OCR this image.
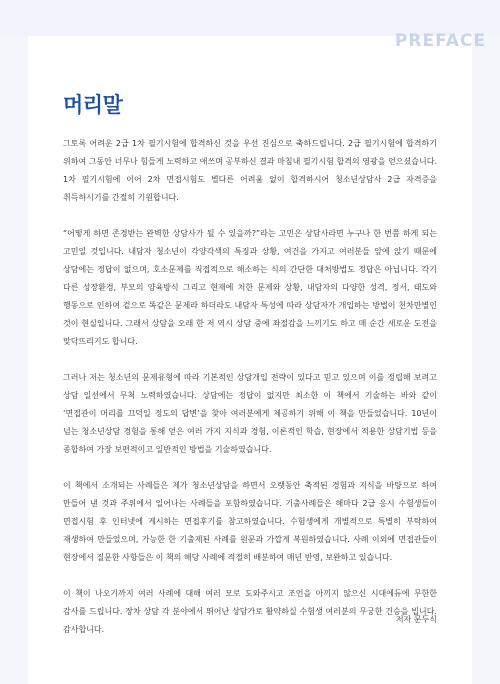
PREFACE
머리말

그토록 어려운 2급 1차 필기시험에 합격하신 것을 우선 진심으로 축하드립니다. 2급 필기시험에 합격하기 위하여 그동안 너무나 힘들게 노력하고 애쓰며 공부하신 결과 마침내 필기시험 합격의 영광을 얻으셨습니다. 1차 필기시험에 이어 2차 면접시험도 별다른 어려움 없이 합격하시어 청소년상담사 2급 자격증을 취득하시기를 간절히 기원합니다.

“어떻게 하면 존경받는 완벽한 상담사가 될 수 있을까?”라는 고민은 상담사라면 누구나 한 번쯤 하게 되는 고민일 것입니다. 내담자 청소년이 각양각색의 특징과 상황, 여건을 가지고 여러분들 앞에 앉기 때문에 상담에는 정답이 없으며, 호소문제를 직접적으로 해소하는 식의 간단한 대처방법도 정답은 아닙니다. 각기 다른 성장환경, 부모의 양육방식 그리고 현재에 처한 문제와 상황, 내담자의 다양한 성격, 정서, 태도와 행동으로 인하여 겉으로 똑같은 문제라 하더라도 내담자 특성에 따라 상담자가 개입하는 방법이 천차만별인 것이 현실입니다. 그래서 상담을 오래 한 저 역시 상담 중에 좌절감을 느끼기도 하고 매 순간 새로운 도전을 맞닥뜨리기도 합니다.

그러나 저는 청소년의 문제유형에 따라 기본적인 상담개입 전략이 있다고 믿고 있으며 이를 정립해 보려고 상담 일선에서 무척 노력하였습니다. 상담에는 정답이 없지만 최소한 이 책에서 기술하는 바와 같이 ‘면접관이 머리를 끄덕일 정도의 답변’을 찾아 여러분에게 제공하기 위해 이 책을 만들었습니다. 10년이 넘는 청소년상담 경험을 통해 얻은 여러 가지 지식과 경험, 이론적인 학습, 현장에서 적용한 상담기법 등을 종합하여 가장 보편적이고 일반적인 방법을 기술하였습니다.

이 책에서 소개되는 사례들은 제가 청소년상담을 하면서 오랫동안 축적된 경험과 지식을 바탕으로 하여 만들어 낸 것과 주위에서 일어나는 사례들을 포함하였습니다. 기출사례들은 해마다 2급 응시 수험생들이 면접시험 후 인터넷에 게시하는 면접후기를 참고하였습니다. 수험생에게 개별적으로 특별히 부탁하여 재생하여 만들었으며, 가능한 한 기출제된 사례를 원문과 가깝게 복원하였습니다. 사례 이외에 면접관들이 현장에서 질문한 사항들은 이 책의 해당 사례에 적절히 배분하여 매년 반영, 보완하고 있습니다.

이 책이 나오기까지 여러 사례에 대해 여러 모로 도와주시고 조언을 아끼지 않으신 시대에듀에 무한한 감사를 드립니다. 장차 상담 각 분야에서 뛰어난 상담가로 활약하실 수험생 여러분의 무궁한 건승을 빕니다. 감사합니다.

저자 문두식
